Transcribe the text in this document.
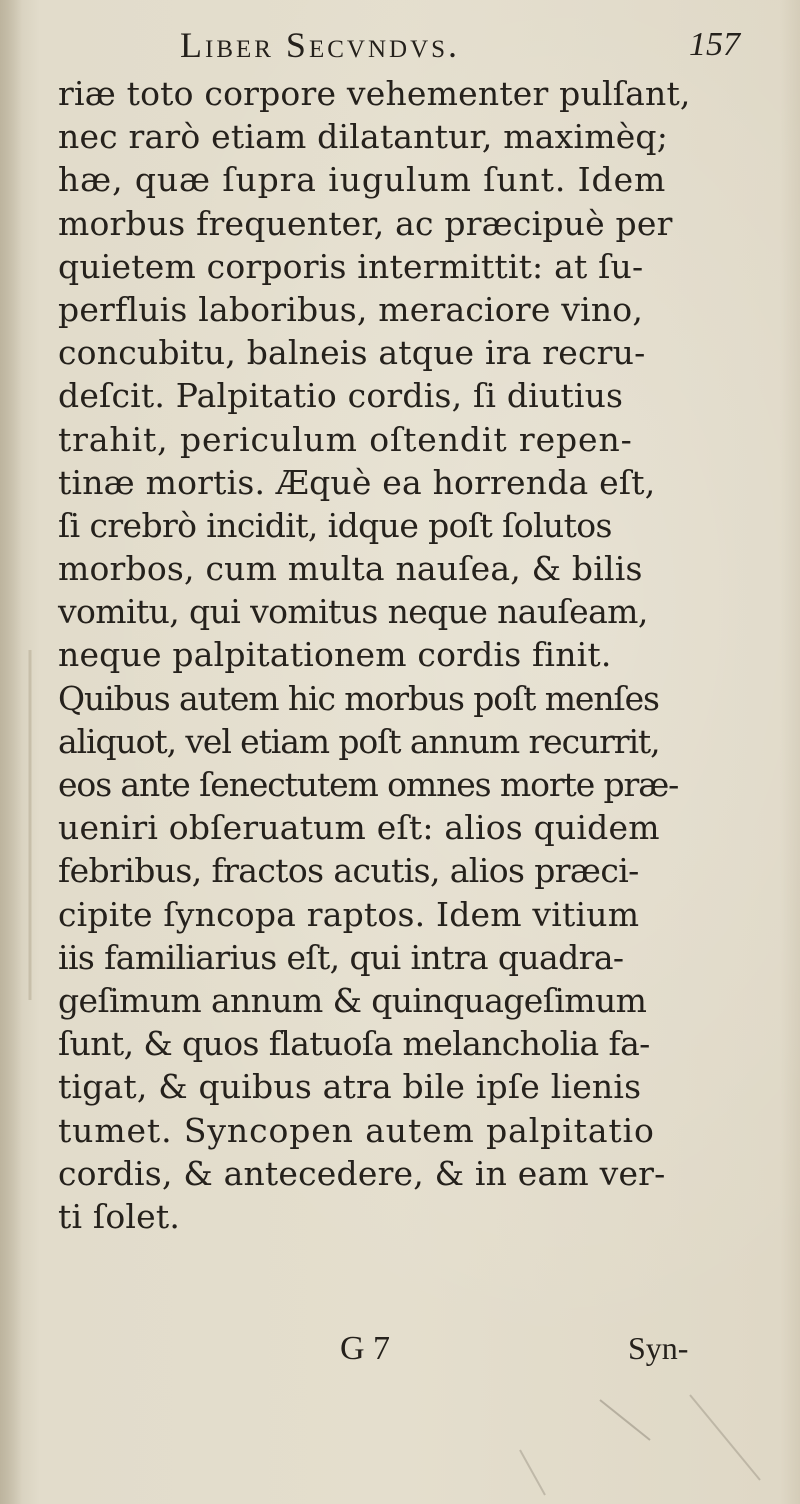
Liber Secvndvs.	157
riæ toto corpore vehementer pulſant,
nec rarò etiam dilatantur, maximèq;
hæ, quæ ſupra iugulum ſunt. Idem
morbus frequenter, ac præcipuè per
quietem corporis intermittit: at ſu-
perfluis laboribus, meraciore vino,
concubitu, balneis atque ira recru-
deſcit. Palpitatio cordis, ſi diutius
trahit, periculum oſtendit repen-
tinæ mortis. Æquè ea horrenda eſt,
ſi crebrò incidit, idque poſt ſolutos
morbos, cum multa nauſea, & bilis
vomitu, qui vomitus neque nauſeam,
neque palpitationem cordis finit.
Quibus autem hic morbus poſt menſes
aliquot, vel etiam poſt annum recurrit,
eos ante ſenectutem omnes morte præ-
ueniri obſeruatum eſt: alios quidem
febribus, fractos acutis, alios præci-
cipite ſyncopa raptos. Idem vitium
iis familiarius eſt, qui intra quadra-
geſimum annum & quinquageſimum
ſunt, & quos flatuoſa melancholia fa-
tigat, & quibus atra bile ipſe lienis
tumet. Syncopen autem palpitatio
cordis, & antecedere, & in eam ver-
ti ſolet.
G 7	Syn-
